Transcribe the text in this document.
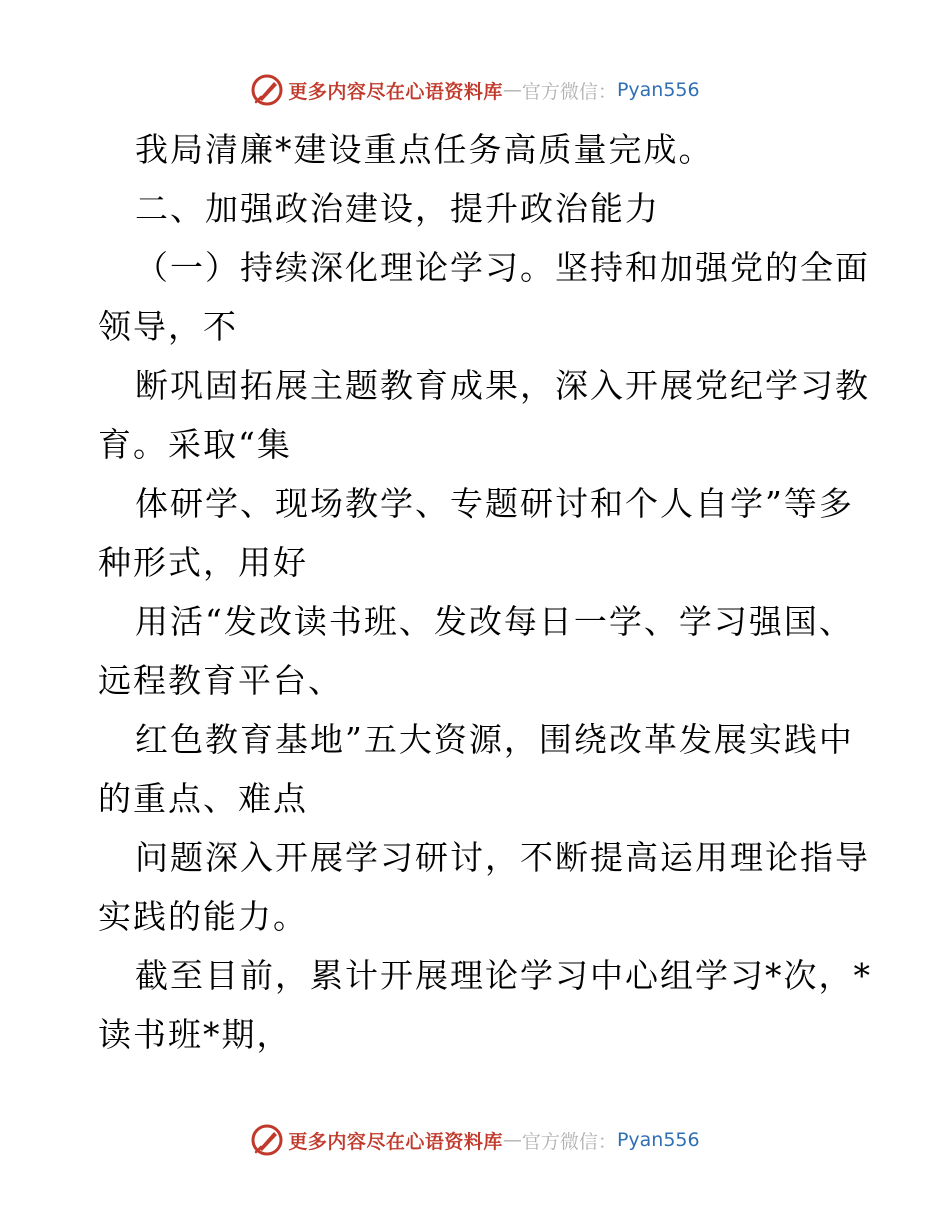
更多内容尽在心语资料库 — 官方微信： Pyan556
我局清廉*建设重点任务高质量完成。
二、加强政治建设，提升政治能力
（一）持续深化理论学习。坚持和加强党的全面
领导，不
断巩固拓展主题教育成果，深入开展党纪学习教
育。采取“集
体研学、现场教学、专题研讨和个人自学”等多
种形式，用好
用活“发改读书班、发改每日一学、学习强国、
远程教育平台、
红色教育基地”五大资源，围绕改革发展实践中
的重点、难点
问题深入开展学习研讨，不断提高运用理论指导
实践的能力。
截至目前，累计开展理论学习中心组学习*次，*
读书班*期，
更多内容尽在心语资料库 — 官方微信： Pyan556
